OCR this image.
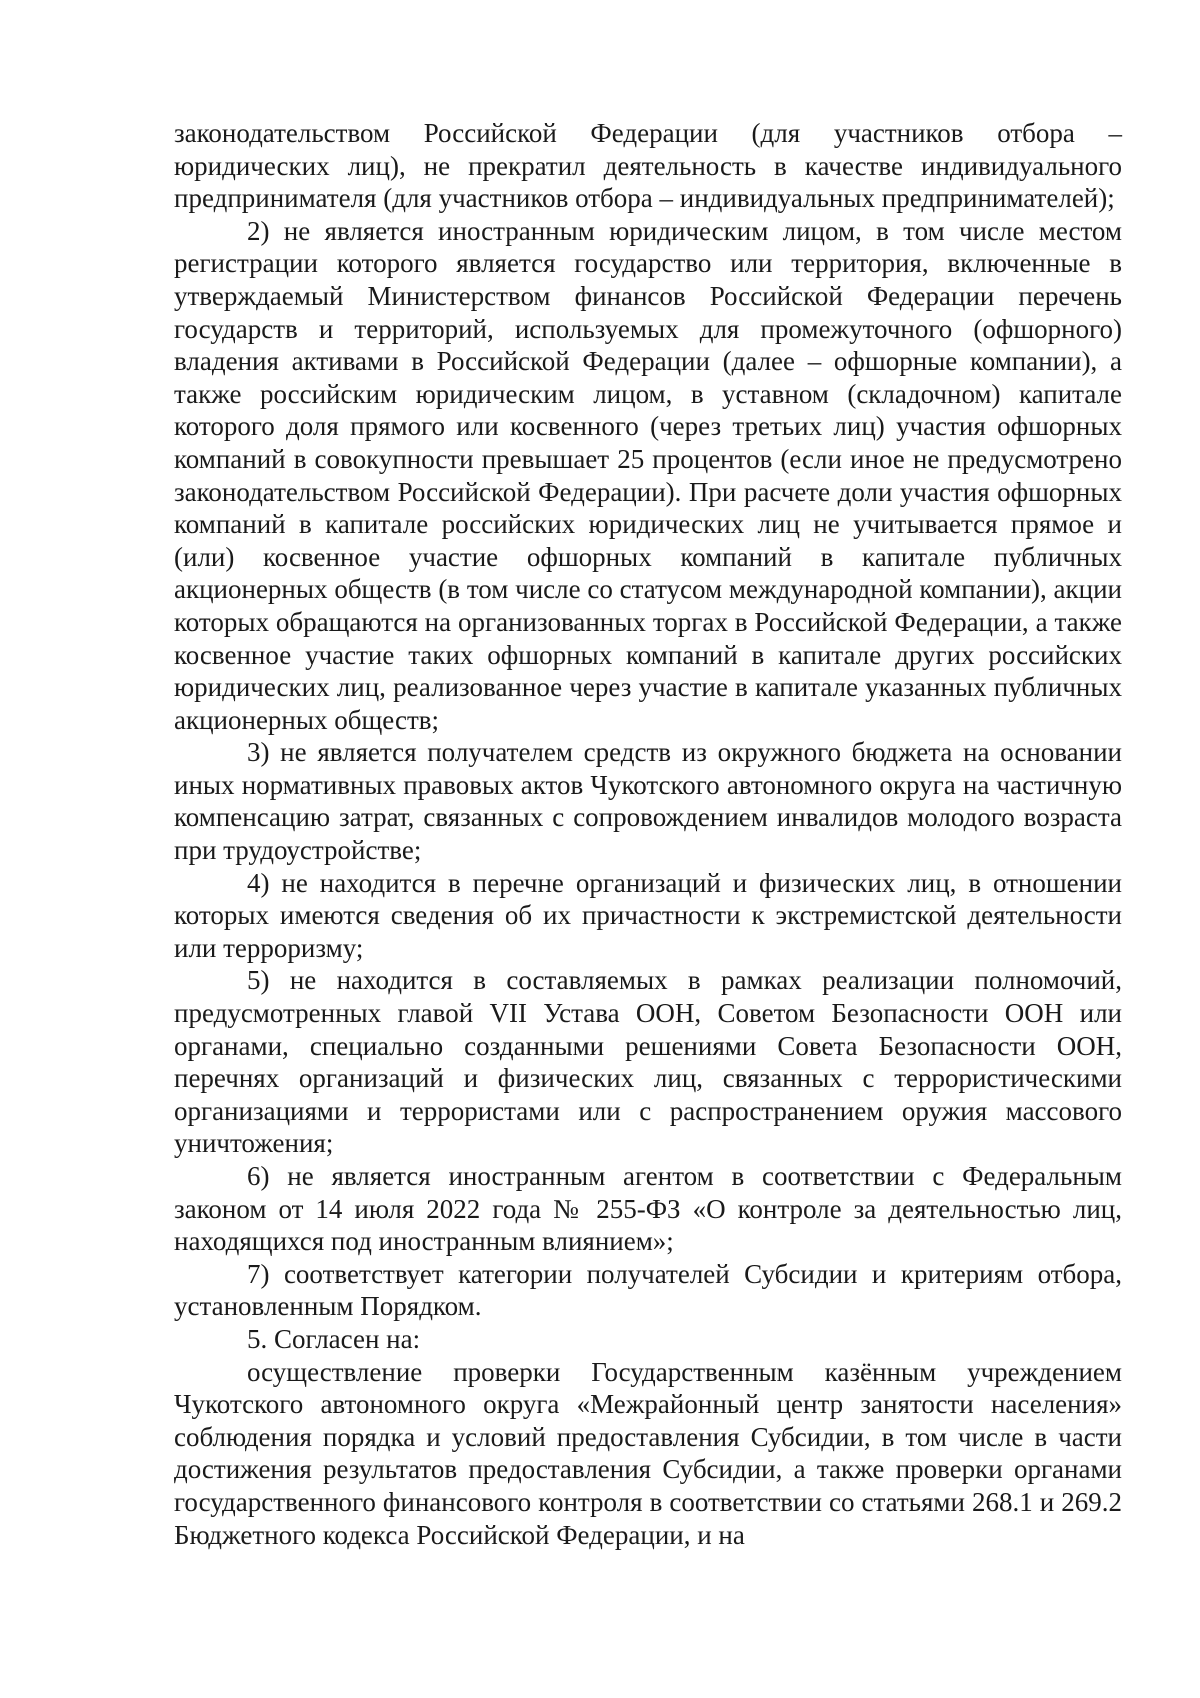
законодательством Российской Федерации (для участников отбора – юридических лиц), не прекратил деятельность в качестве индивидуального предпринимателя (для участников отбора – индивидуальных предпринимателей);

2) не является иностранным юридическим лицом, в том числе местом регистрации которого является государство или территория, включенные в утверждаемый Министерством финансов Российской Федерации перечень государств и территорий, используемых для промежуточного (офшорного) владения активами в Российской Федерации (далее – офшорные компании), а также российским юридическим лицом, в уставном (складочном) капитале которого доля прямого или косвенного (через третьих лиц) участия офшорных компаний в совокупности превышает 25 процентов (если иное не предусмотрено законодательством Российской Федерации). При расчете доли участия офшорных компаний в капитале российских юридических лиц не учитывается прямое и (или) косвенное участие офшорных компаний в капитале публичных акционерных обществ (в том числе со статусом международной компании), акции которых обращаются на организованных торгах в Российской Федерации, а также косвенное участие таких офшорных компаний в капитале других российских юридических лиц, реализованное через участие в капитале указанных публичных акционерных обществ;

3) не является получателем средств из окружного бюджета на основании иных нормативных правовых актов Чукотского автономного округа на частичную компенсацию затрат, связанных с сопровождением инвалидов молодого возраста при трудоустройстве;

4) не находится в перечне организаций и физических лиц, в отношении которых имеются сведения об их причастности к экстремистской деятельности или терроризму;

5) не находится в составляемых в рамках реализации полномочий, предусмотренных главой VII Устава ООН, Советом Безопасности ООН или органами, специально созданными решениями Совета Безопасности ООН, перечнях организаций и физических лиц, связанных с террористическими организациями и террористами или с распространением оружия массового уничтожения;

6) не является иностранным агентом в соответствии с Федеральным законом от 14 июля 2022 года № 255-ФЗ «О контроле за деятельностью лиц, находящихся под иностранным влиянием»;

7) соответствует категории получателей Субсидии и критериям отбора, установленным Порядком.

5. Согласен на:

осуществление проверки Государственным казённым учреждением Чукотского автономного округа «Межрайонный центр занятости населения» соблюдения порядка и условий предоставления Субсидии, в том числе в части достижения результатов предоставления Субсидии, а также проверки органами государственного финансового контроля в соответствии со статьями 268.1 и 269.2 Бюджетного кодекса Российской Федерации, и на
